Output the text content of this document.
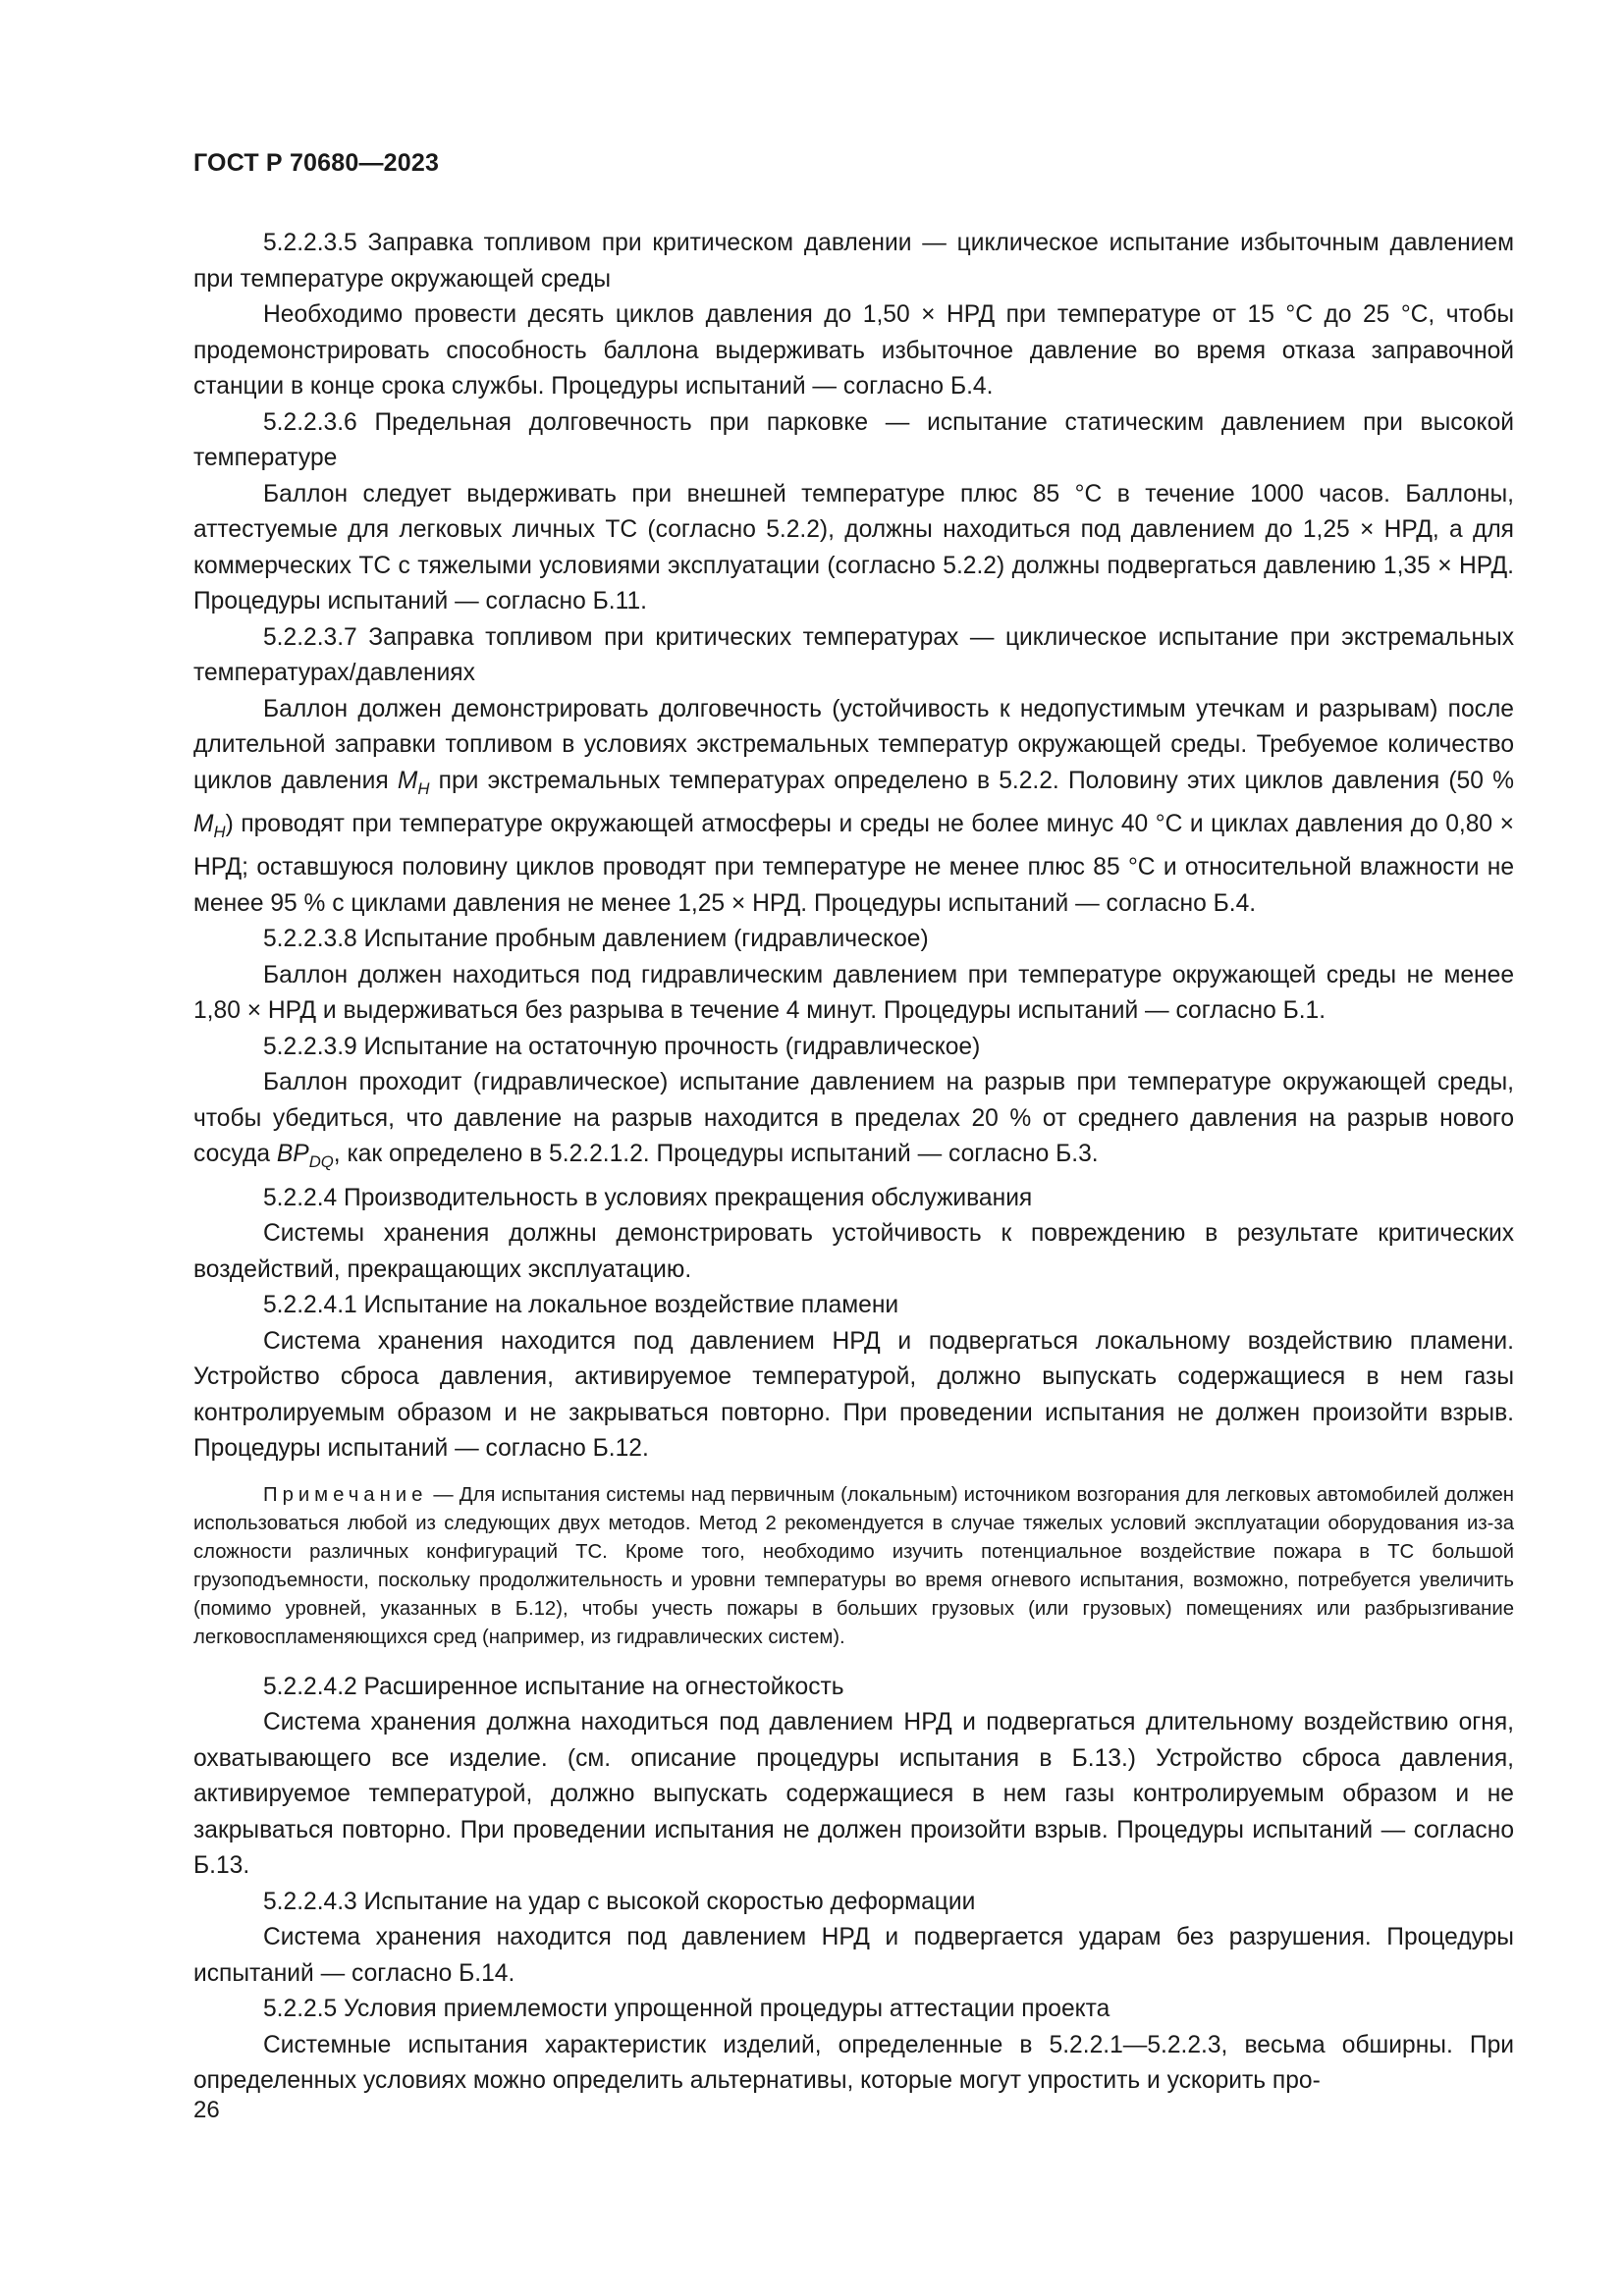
ГОСТ Р 70680—2023

5.2.2.3.5 Заправка топливом при критическом давлении — циклическое испытание избыточным давлением при температуре окружающей среды

Необходимо провести десять циклов давления до 1,50 × НРД при температуре от 15 °С до 25 °С, чтобы продемонстрировать способность баллона выдерживать избыточное давление во время отказа заправочной станции в конце срока службы. Процедуры испытаний — согласно Б.4.

5.2.2.3.6 Предельная долговечность при парковке — испытание статическим давлением при высокой температуре

Баллон следует выдерживать при внешней температуре плюс 85 °С в течение 1000 часов. Баллоны, аттестуемые для легковых личных ТС (согласно 5.2.2), должны находиться под давлением до 1,25 × НРД, а для коммерческих ТС с тяжелыми условиями эксплуатации (согласно 5.2.2) должны подвергаться давлению 1,35 × НРД. Процедуры испытаний — согласно Б.11.

5.2.2.3.7 Заправка топливом при критических температурах — циклическое испытание при экстремальных температурах/давлениях

Баллон должен демонстрировать долговечность (устойчивость к недопустимым утечкам и разрывам) после длительной заправки топливом в условиях экстремальных температур окружающей среды. Требуемое количество циклов давления $M_H$ при экстремальных температурах определено в 5.2.2. Половину этих циклов давления (50 % $M_H$) проводят при температуре окружающей атмосферы и среды не более минус 40 °С и циклах давления до 0,80 × НРД; оставшуюся половину циклов проводят при температуре не менее плюс 85 °С и относительной влажности не менее 95 % с циклами давления не менее 1,25 × НРД. Процедуры испытаний — согласно Б.4.

5.2.2.3.8 Испытание пробным давлением (гидравлическое)

Баллон должен находиться под гидравлическим давлением при температуре окружающей среды не менее 1,80 × НРД и выдерживаться без разрыва в течение 4 минут. Процедуры испытаний — согласно Б.1.

5.2.2.3.9 Испытание на остаточную прочность (гидравлическое)

Баллон проходит (гидравлическое) испытание давлением на разрыв при температуре окружающей среды, чтобы убедиться, что давление на разрыв находится в пределах 20 % от среднего давления на разрыв нового сосуда $BP_{DQ}$, как определено в 5.2.2.1.2. Процедуры испытаний — согласно Б.3.

5.2.2.4 Производительность в условиях прекращения обслуживания

Системы хранения должны демонстрировать устойчивость к повреждению в результате критических воздействий, прекращающих эксплуатацию.

5.2.2.4.1 Испытание на локальное воздействие пламени

Система хранения находится под давлением НРД и подвергаться локальному воздействию пламени. Устройство сброса давления, активируемое температурой, должно выпускать содержащиеся в нем газы контролируемым образом и не закрываться повторно. При проведении испытания не должен произойти взрыв. Процедуры испытаний — согласно Б.12.

Примечание — Для испытания системы над первичным (локальным) источником возгорания для легковых автомобилей должен использоваться любой из следующих двух методов. Метод 2 рекомендуется в случае тяжелых условий эксплуатации оборудования из-за сложности различных конфигураций ТС. Кроме того, необходимо изучить потенциальное воздействие пожара в ТС большой грузоподъемности, поскольку продолжительность и уровни температуры во время огневого испытания, возможно, потребуется увеличить (помимо уровней, указанных в Б.12), чтобы учесть пожары в больших грузовых (или грузовых) помещениях или разбрызгивание легковоспламеняющихся сред (например, из гидравлических систем).

5.2.2.4.2 Расширенное испытание на огнестойкость

Система хранения должна находиться под давлением НРД и подвергаться длительному воздействию огня, охватывающего все изделие. (см. описание процедуры испытания в Б.13.) Устройство сброса давления, активируемое температурой, должно выпускать содержащиеся в нем газы контролируемым образом и не закрываться повторно. При проведении испытания не должен произойти взрыв. Процедуры испытаний — согласно Б.13.

5.2.2.4.3 Испытание на удар с высокой скоростью деформации

Система хранения находится под давлением НРД и подвергается ударам без разрушения. Процедуры испытаний — согласно Б.14.

5.2.2.5 Условия приемлемости упрощенной процедуры аттестации проекта

Системные испытания характеристик изделий, определенные в 5.2.2.1—5.2.2.3, весьма обширны. При определенных условиях можно определить альтернативы, которые могут упростить и ускорить про-

26
